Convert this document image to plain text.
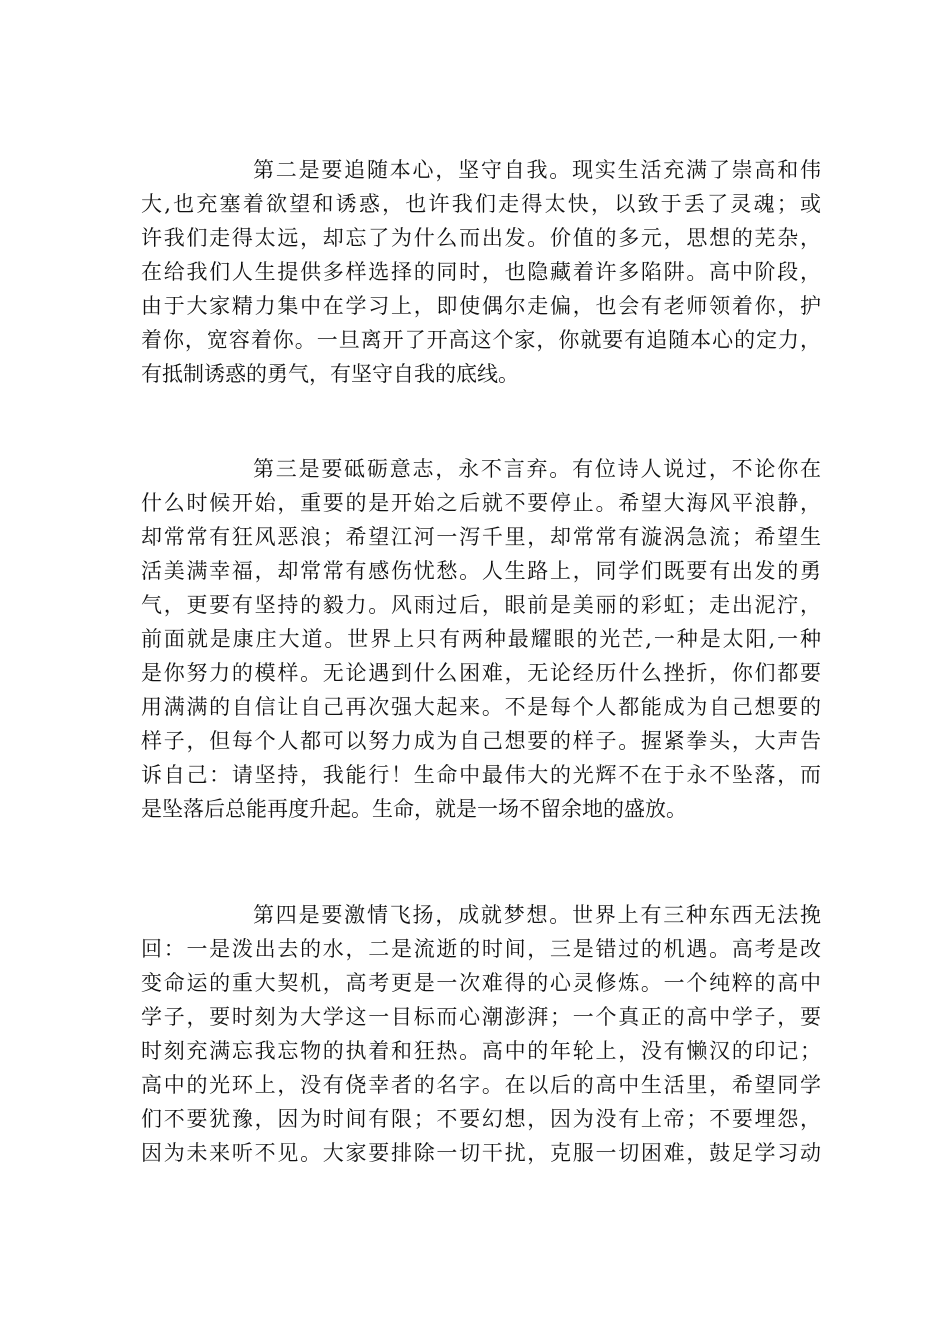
第二是要追随本心，坚守自我。现实生活充满了崇高和伟
大,也充塞着欲望和诱惑，也许我们走得太快，以致于丢了灵魂；或
许我们走得太远，却忘了为什么而出发。价值的多元，思想的芜杂，
在给我们人生提供多样选择的同时，也隐藏着许多陷阱。高中阶段，
由于大家精力集中在学习上，即使偶尔走偏，也会有老师领着你，护
着你，宽容着你。一旦离开了开高这个家，你就要有追随本心的定力，
有抵制诱惑的勇气，有坚守自我的底线。
第三是要砥砺意志，永不言弃。有位诗人说过，不论你在
什么时候开始，重要的是开始之后就不要停止。希望大海风平浪静，
却常常有狂风恶浪；希望江河一泻千里，却常常有漩涡急流；希望生
活美满幸福，却常常有感伤忧愁。人生路上，同学们既要有出发的勇
气，更要有坚持的毅力。风雨过后，眼前是美丽的彩虹；走出泥泞，
前面就是康庄大道。世界上只有两种最耀眼的光芒,一种是太阳,一种
是你努力的模样。无论遇到什么困难，无论经历什么挫折，你们都要
用满满的自信让自己再次强大起来。不是每个人都能成为自己想要的
样子，但每个人都可以努力成为自己想要的样子。握紧拳头，大声告
诉自己：请坚持，我能行！生命中最伟大的光辉不在于永不坠落，而
是坠落后总能再度升起。生命，就是一场不留余地的盛放。
第四是要激情飞扬，成就梦想。世界上有三种东西无法挽
回：一是泼出去的水，二是流逝的时间，三是错过的机遇。高考是改
变命运的重大契机，高考更是一次难得的心灵修炼。一个纯粹的高中
学子，要时刻为大学这一目标而心潮澎湃；一个真正的高中学子，要
时刻充满忘我忘物的执着和狂热。高中的年轮上，没有懒汉的印记；
高中的光环上，没有侥幸者的名字。在以后的高中生活里，希望同学
们不要犹豫，因为时间有限；不要幻想，因为没有上帝；不要埋怨，
因为未来听不见。大家要排除一切干扰，克服一切困难，鼓足学习动
